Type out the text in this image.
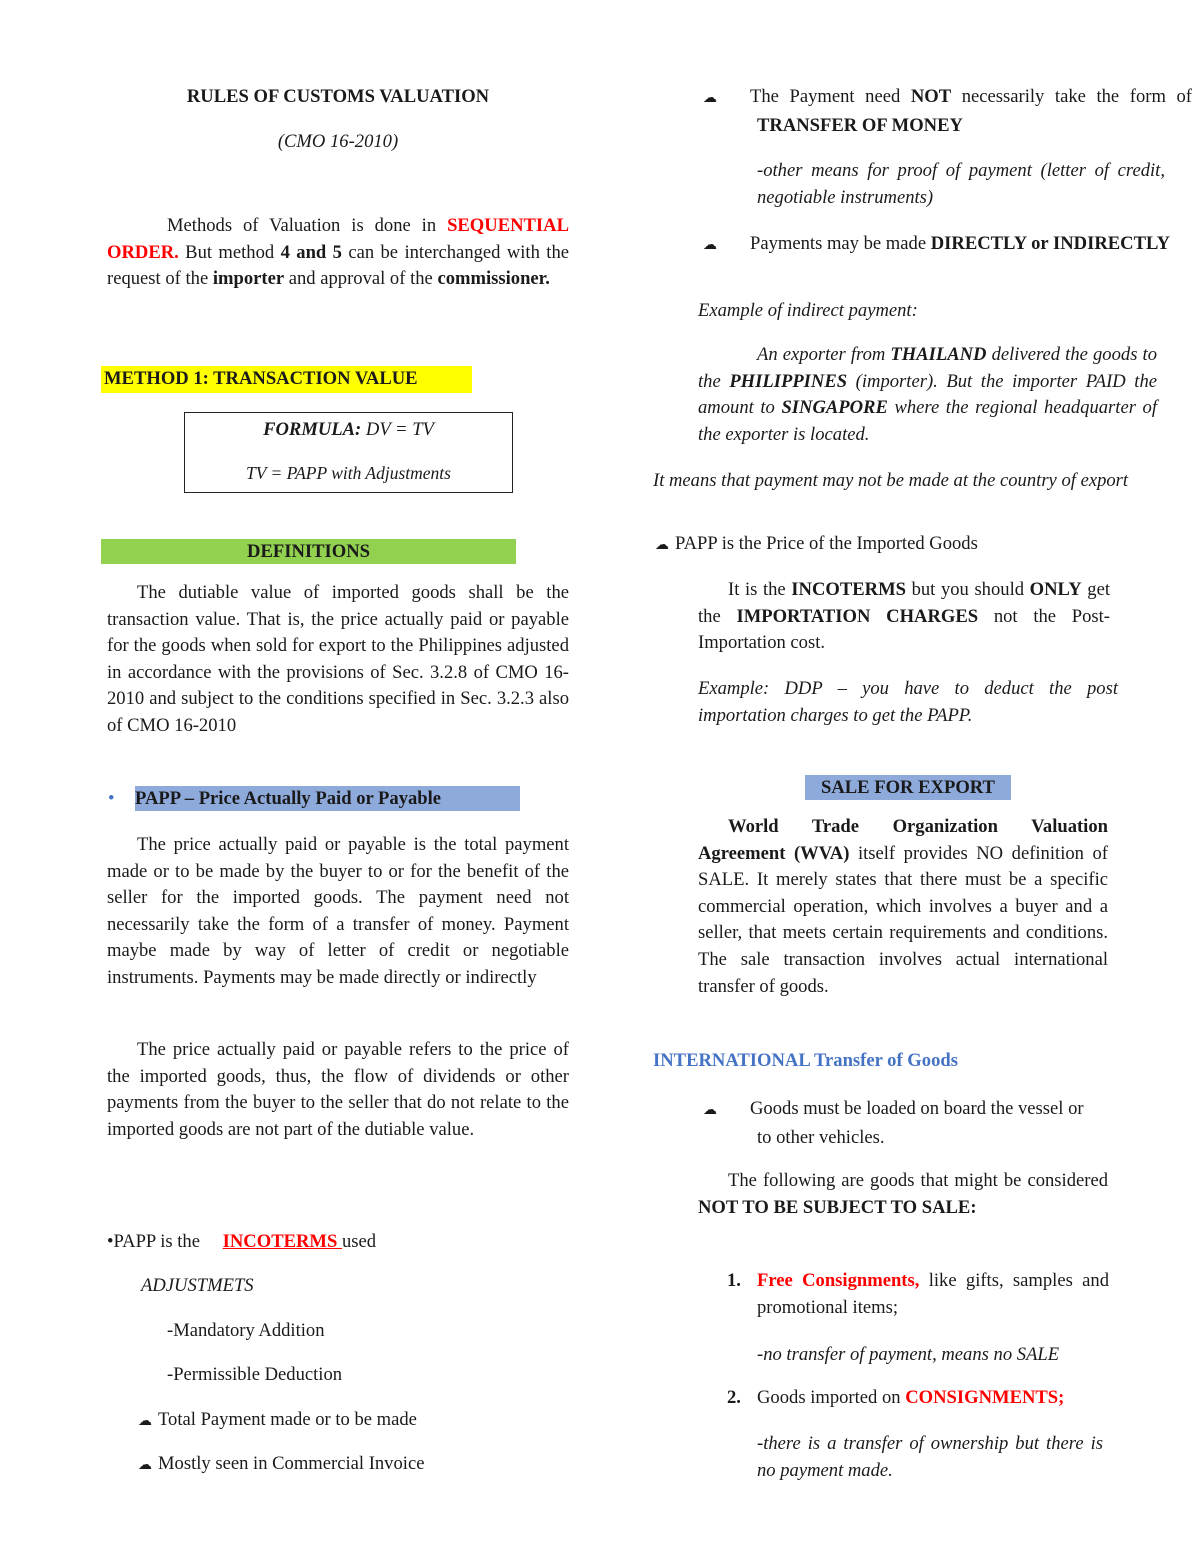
RULES OF CUSTOMS VALUATION
(CMO 16-2010)
Methods of Valuation is done in SEQUENTIAL ORDER. But method 4 and 5 can be interchanged with the request of the importer and approval of the commissioner.
METHOD 1: TRANSACTION VALUE
FORMULA: DV = TV
TV = PAPP with Adjustments
DEFINITIONS
The dutiable value of imported goods shall be the transaction value. That is, the price actually paid or payable for the goods when sold for export to the Philippines adjusted in accordance with the provisions of Sec. 3.2.8 of CMO 16-2010 and subject to the conditions specified in Sec. 3.2.3 also of CMO 16-2010
• PAPP – Price Actually Paid or Payable
The price actually paid or payable is the total payment made or to be made by the buyer to or for the benefit of the seller for the imported goods. The payment need not necessarily take the form of a transfer of money. Payment maybe made by way of letter of credit or negotiable instruments. Payments may be made directly or indirectly
The price actually paid or payable refers to the price of the imported goods, thus, the flow of dividends or other payments from the buyer to the seller that do not relate to the imported goods are not part of the dutiable value.
•PAPP is the INCOTERMS used
ADJUSTMETS
-Mandatory Addition
-Permissible Deduction
☁ Total Payment made or to be made
☁ Mostly seen in Commercial Invoice
☁ The Payment need NOT necessarily take the form of TRANSFER OF MONEY
-other means for proof of payment (letter of credit, negotiable instruments)
☁ Payments may be made DIRECTLY or INDIRECTLY
Example of indirect payment:
An exporter from THAILAND delivered the goods to the PHILIPPINES (importer). But the importer PAID the amount to SINGAPORE where the regional headquarter of the exporter is located.
It means that payment may not be made at the country of export
☁ PAPP is the Price of the Imported Goods
It is the INCOTERMS but you should ONLY get the IMPORTATION CHARGES not the Post- Importation cost.
Example: DDP – you have to deduct the post importation charges to get the PAPP.
SALE FOR EXPORT
World Trade Organization Valuation Agreement (WVA) itself provides NO definition of SALE. It merely states that there must be a specific commercial operation, which involves a buyer and a seller, that meets certain requirements and conditions. The sale transaction involves actual international transfer of goods.
INTERNATIONAL Transfer of Goods
☁ Goods must be loaded on board the vessel or to other vehicles.
The following are goods that might be considered NOT TO BE SUBJECT TO SALE:
1. Free Consignments, like gifts, samples and promotional items;
-no transfer of payment, means no SALE
2. Goods imported on CONSIGNMENTS;
-there is a transfer of ownership but there is no payment made.
